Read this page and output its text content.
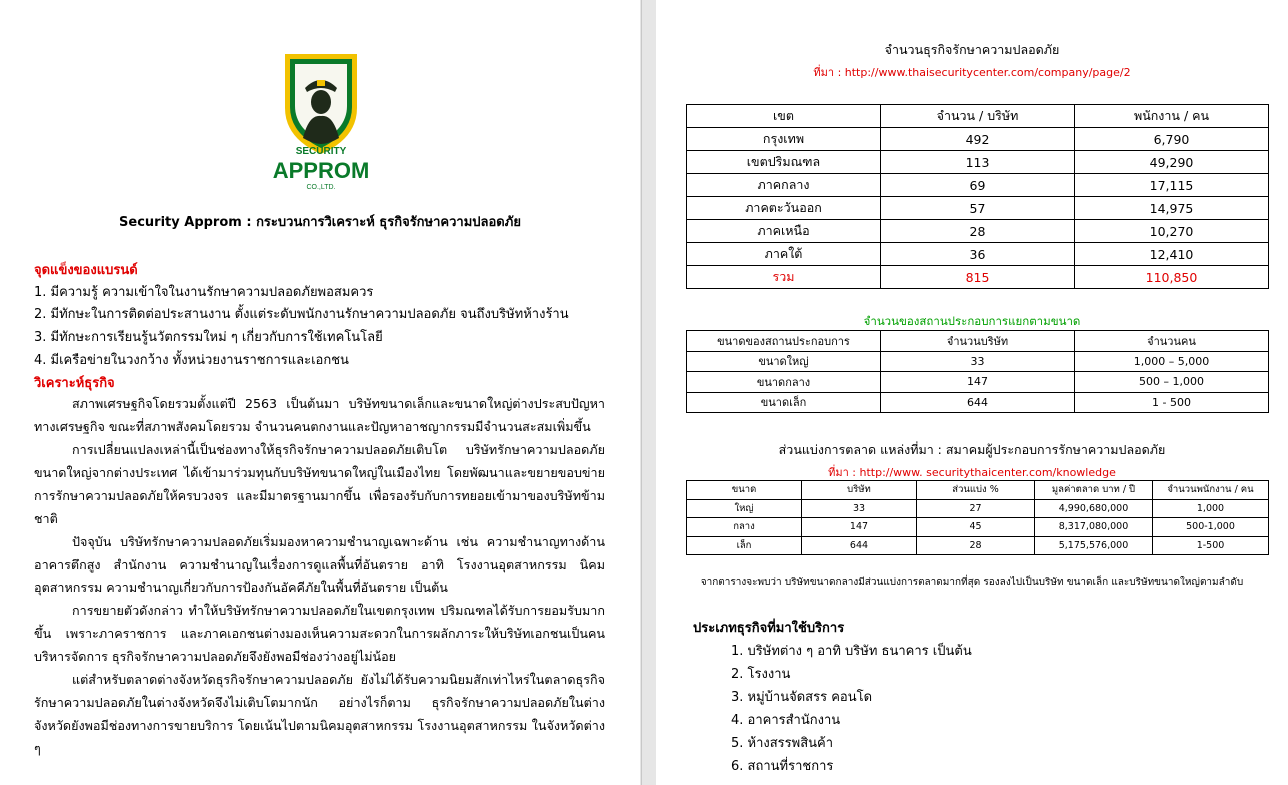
SECURITY
APPROM
CO.,LTD.
Security Approm : กระบวนการวิเคราะห์ ธุรกิจรักษาความปลอดภัย
จุดแข็งของแบรนด์
1. มีความรู้ ความเข้าใจในงานรักษาความปลอดภัยพอสมควร
2. มีทักษะในการติดต่อประสานงาน ตั้งแต่ระดับพนักงานรักษาความปลอดภัย จนถึงบริษัทห้างร้าน
3. มีทักษะการเรียนรู้นวัตกรรมใหม่ ๆ เกี่ยวกับการใช้เทคโนโลยี
4. มีเครือข่ายในวงกว้าง ทั้งหน่วยงานราชการและเอกชน
วิเคราะห์ธุรกิจ

สภาพเศรษฐกิจโดยรวมตั้งแต่ปี 2563 เป็นต้นมา บริษัทขนาดเล็กและขนาดใหญ่ต่างประสบปัญหาทางเศรษฐกิจ ขณะที่สภาพสังคมโดยรวม จำนวนคนตกงานและปัญหาอาชญากรรมมีจำนวนสะสมเพิ่มขึ้น

การเปลี่ยนแปลงเหล่านี้เป็นช่องทางให้ธุรกิจรักษาความปลอดภัยเติบโต บริษัทรักษาความปลอดภัยขนาดใหญ่จากต่างประเทศ ได้เข้ามาร่วมทุนกับบริษัทขนาดใหญ่ในเมืองไทย โดยพัฒนาและขยายขอบข่ายการรักษาความปลอดภัยให้ครบวงจร และมีมาตรฐานมากขึ้น เพื่อรองรับกับการทยอยเข้ามาของบริษัทข้ามชาติ

ปัจจุบัน บริษัทรักษาความปลอดภัยเริ่มมองหาความชำนาญเฉพาะด้าน เช่น ความชำนาญทางด้านอาคารตึกสูง สำนักงาน ความชำนาญในเรื่องการดูแลพื้นที่อันตราย อาทิ โรงงานอุตสาหกรรม นิคมอุตสาหกรรม ความชำนาญเกี่ยวกับการป้องกันอัคคีภัยในพื้นที่อันตราย เป็นต้น

การขยายตัวดังกล่าว ทำให้บริษัทรักษาความปลอดภัยในเขตกรุงเทพ ปริมณฑลได้รับการยอมรับมากขึ้น เพราะภาคราชการ และภาคเอกชนต่างมองเห็นความสะดวกในการผลักภาระให้บริษัทเอกชนเป็นคนบริหารจัดการ ธุรกิจรักษาความปลอดภัยจึงยังพอมีช่องว่างอยู่ไม่น้อย

แต่สำหรับตลาดต่างจังหวัดธุรกิจรักษาความปลอดภัย ยังไม่ได้รับความนิยมสักเท่าไหร่ในตลาดธุรกิจรักษาความปลอดภัยในต่างจังหวัดจึงไม่เติบโตมากนัก อย่างไรก็ตาม ธุรกิจรักษาความปลอดภัยในต่างจังหวัดยังพอมีช่องทางการขายบริการ โดยเน้นไปตามนิคมอุตสาหกรรม โรงงานอุตสาหกรรม ในจังหวัดต่าง ๆ

จำนวนธุรกิจรักษาความปลอดภัย
ที่มา : http://www.thaisecuritycenter.com/company/page/2
เขต	จำนวน / บริษัท	พนักงาน / คน
กรุงเทพ	492	6,790
เขตปริมณฑล	113	49,290
ภาคกลาง	69	17,115
ภาคตะวันออก	57	14,975
ภาคเหนือ	28	10,270
ภาคใต้	36	12,410
รวม	815	110,850
จำนวนของสถานประกอบการแยกตามขนาด
ขนาดของสถานประกอบการ	จำนวนบริษัท	จำนวนคน
ขนาดใหญ่	33	1,000 – 5,000
ขนาดกลาง	147	500 – 1,000
ขนาดเล็ก	644	1 - 500
ส่วนแบ่งการตลาด แหล่งที่มา : สมาคมผู้ประกอบการรักษาความปลอดภัย
ที่มา : http://www. securitythaicenter.com/knowledge
ขนาด	บริษัท	ส่วนแบ่ง %	มูลค่าตลาด บาท / ปี	จำนวนพนักงาน / คน
ใหญ่	33	27	4,990,680,000	1,000
กลาง	147	45	8,317,080,000	500-1,000
เล็ก	644	28	5,175,576,000	1-500
จากตารางจะพบว่า บริษัทขนาดกลางมีส่วนแบ่งการตลาดมากที่สุด รองลงไปเป็นบริษัท ขนาดเล็ก และบริษัทขนาดใหญ่ตามลำดับ
ประเภทธุรกิจที่มาใช้บริการ
1. บริษัทต่าง ๆ อาทิ บริษัท ธนาคาร เป็นต้น
2. โรงงาน
3. หมู่บ้านจัดสรร คอนโด
4. อาคารสำนักงาน
5. ห้างสรรพสินค้า
6. สถานที่ราชการ
